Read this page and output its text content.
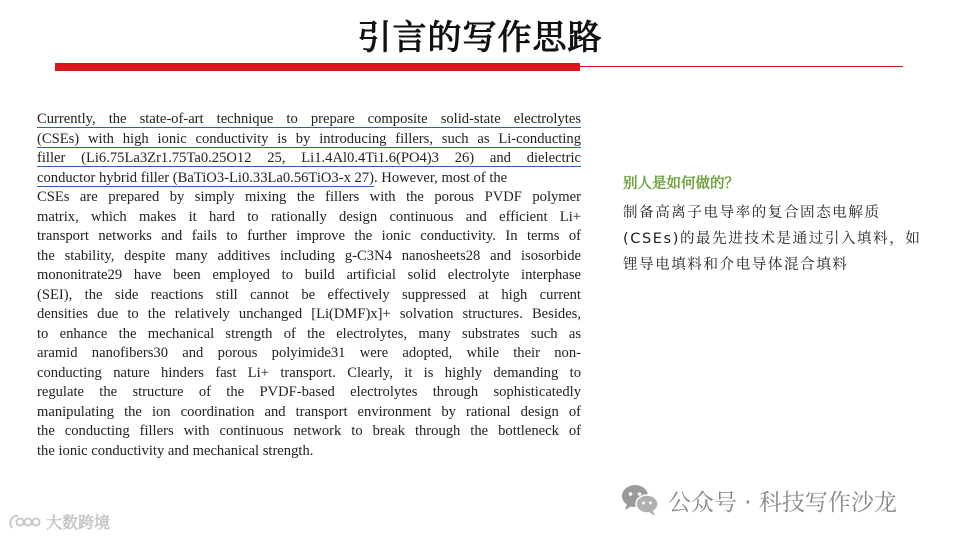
引言的写作思路
Currently, the state-of-art technique to prepare composite solid-state electrolytes
(CSEs) with high ionic conductivity is by introducing fillers, such as Li-conducting
filler (Li6.75La3Zr1.75Ta0.25O12 25, Li1.4Al0.4Ti1.6(PO4)3 26) and dielectric
conductor hybrid filler (BaTiO3-Li0.33La0.56TiO3-x 27). However, most of the
CSEs are prepared by simply mixing the fillers with the porous PVDF polymer
matrix, which makes it hard to rationally design continuous and efficient Li+
transport networks and fails to further improve the ionic conductivity. In terms of
the stability, despite many additives including g-C3N4 nanosheets28 and isosorbide
mononitrate29 have been employed to build artificial solid electrolyte interphase
(SEI), the side reactions still cannot be effectively suppressed at high current
densities due to the relatively unchanged [Li(DMF)x]+ solvation structures. Besides,
to enhance the mechanical strength of the electrolytes, many substrates such as
aramid nanofibers30 and porous polyimide31 were adopted, while their non-
conducting nature hinders fast Li+ transport. Clearly, it is highly demanding to
regulate the structure of the PVDF-based electrolytes through sophisticatedly
manipulating the ion coordination and transport environment by rational design of
the conducting fillers with continuous network to break through the bottleneck of
the ionic conductivity and mechanical strength.
别人是如何做的？
制备高离子电导率的复合固态电解质
(CSEs)的最先进技术是通过引入填料，如
锂导电填料和介电导体混合填料
大数跨境
公众号 · 科技写作沙龙
